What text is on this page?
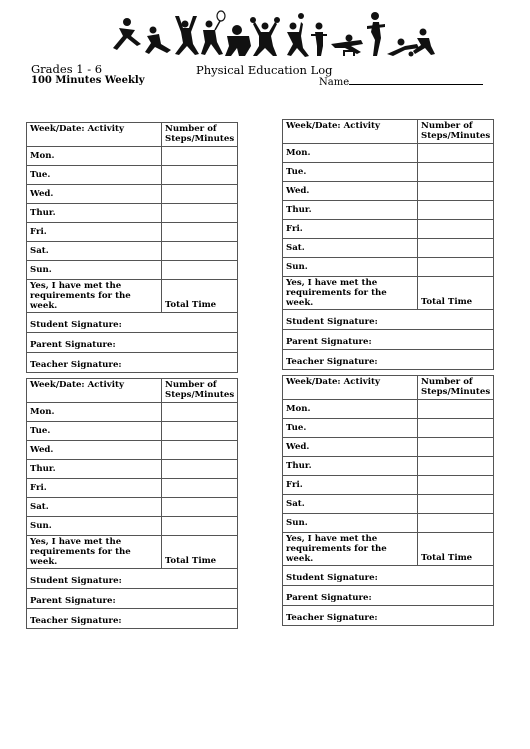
Grades 1 - 6
100 Minutes Weekly
Physical Education Log
Name
Week/Date: Activity	Number of Steps/Minutes
Mon.	
Tue.	
Wed.	
Thur.	
Fri.	
Sat.	
Sun.	
Yes, I have met the requirements for the week.	Total Time
Student Signature:	
Parent Signature:	
Teacher Signature:	
Week/Date: Activity	Number of Steps/Minutes
Mon.	
Tue.	
Wed.	
Thur.	
Fri.	
Sat.	
Sun.	
Yes, I have met the requirements for the week.	Total Time
Student Signature:	
Parent Signature:	
Teacher Signature:	
Week/Date: Activity	Number of Steps/Minutes
Mon.	
Tue.	
Wed.	
Thur.	
Fri.	
Sat.	
Sun.	
Yes, I have met the requirements for the week.	Total Time
Student Signature:	
Parent Signature:	
Teacher Signature:	
Week/Date: Activity	Number of Steps/Minutes
Mon.	
Tue.	
Wed.	
Thur.	
Fri.	
Sat.	
Sun.	
Yes, I have met the requirements for the week.	Total Time
Student Signature:	
Parent Signature:	
Teacher Signature:	
